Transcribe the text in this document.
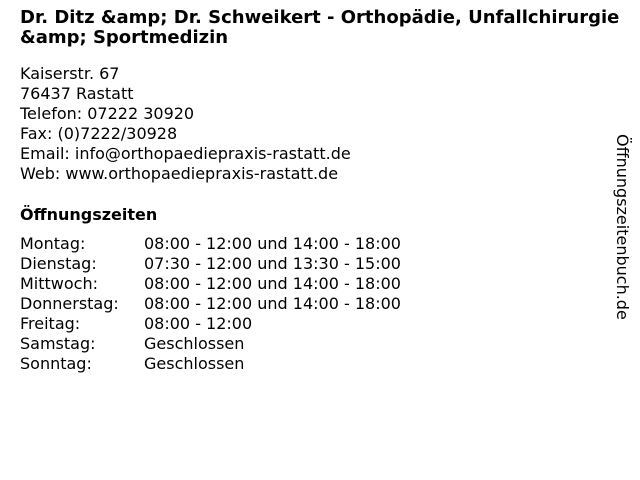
Dr. Ditz &amp; Dr. Schweikert - Orthopädie, Unfallchirurgie &amp; Sportmedizin
Kaiserstr. 67
76437 Rastatt
Telefon: 07222 30920
Fax: (0)7222/30928
Email: info@orthopaediepraxis-rastatt.de
Web: www.orthopaediepraxis-rastatt.de
Öffnungszeiten
Montag:	08:00 - 12:00 und 14:00 - 18:00
Dienstag:	07:30 - 12:00 und 13:30 - 15:00
Mittwoch:	08:00 - 12:00 und 14:00 - 18:00
Donnerstag:	08:00 - 12:00 und 14:00 - 18:00
Freitag:	08:00 - 12:00
Samstag:	Geschlossen
Sonntag:	Geschlossen
Öffnungszeitenbuch.de
